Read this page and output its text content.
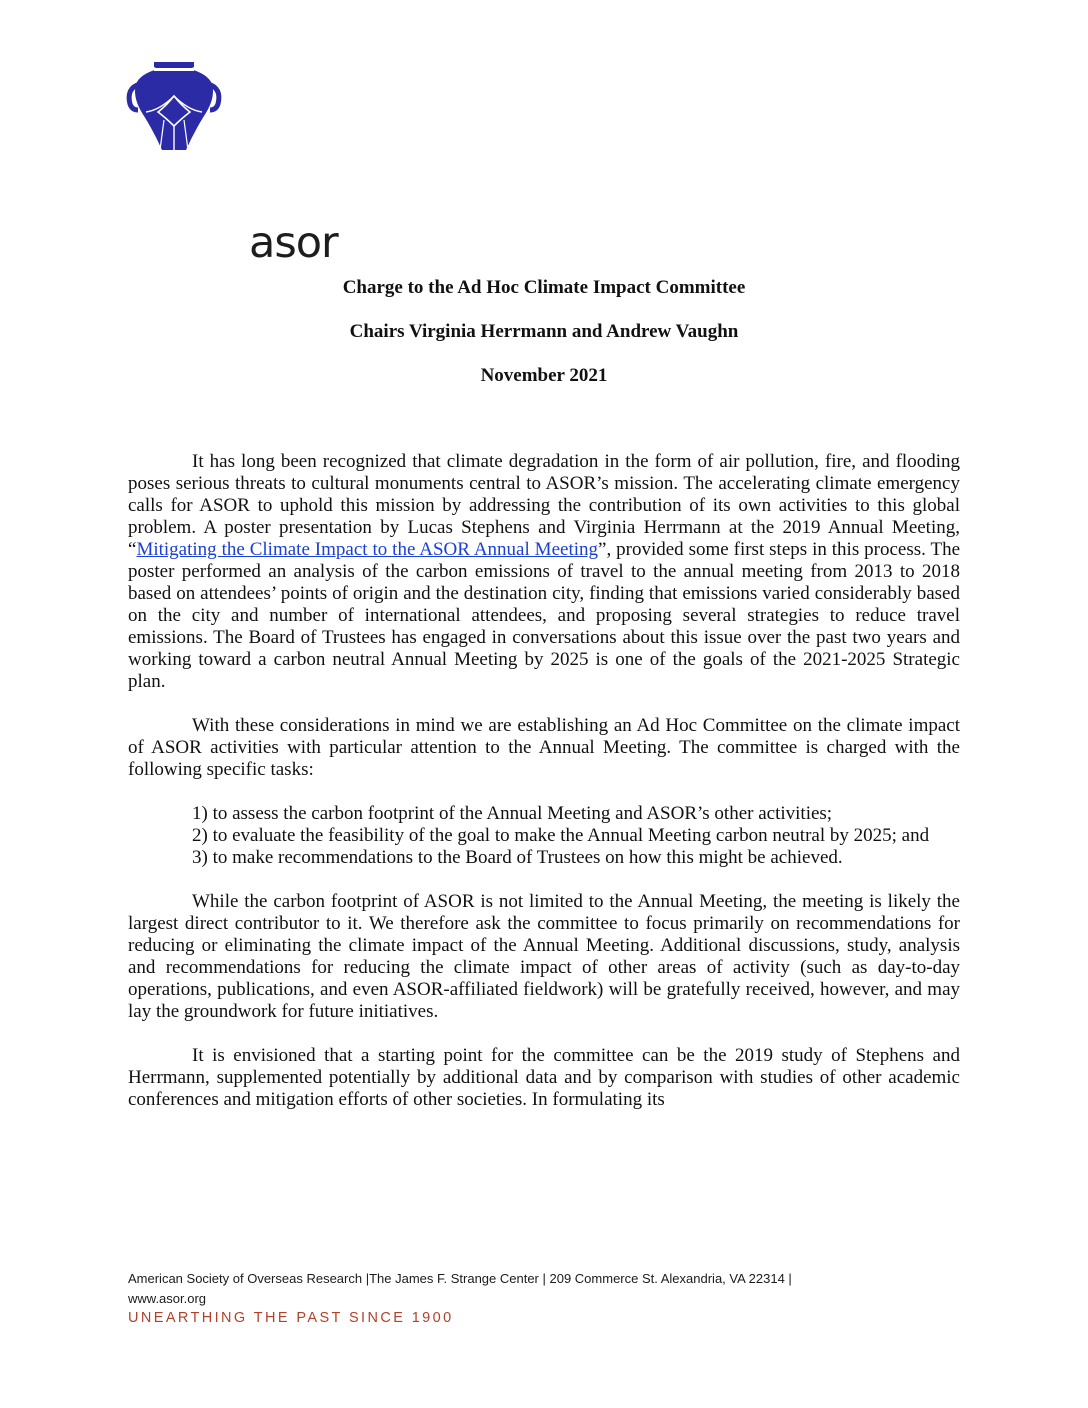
asor
Charge to the Ad Hoc Climate Impact Committee
Chairs Virginia Herrmann and Andrew Vaughn
November 2021

It has long been recognized that climate degradation in the form of air pollution, fire, and flooding poses serious threats to cultural monuments central to ASOR’s mission. The accelerating climate emergency calls for ASOR to uphold this mission by addressing the contribution of its own activities to this global problem. A poster presentation by Lucas Stephens and Virginia Herrmann at the 2019 Annual Meeting, “Mitigating the Climate Impact to the ASOR Annual Meeting”, provided some first steps in this process. The poster performed an analysis of the carbon emissions of travel to the annual meeting from 2013 to 2018 based on attendees’ points of origin and the destination city, finding that emissions varied considerably based on the city and number of international attendees, and proposing several strategies to reduce travel emissions. The Board of Trustees has engaged in conversations about this issue over the past two years and working toward a carbon neutral Annual Meeting by 2025 is one of the goals of the 2021-2025 Strategic plan.

With these considerations in mind we are establishing an Ad Hoc Committee on the climate impact of ASOR activities with particular attention to the Annual Meeting. The committee is charged with the following specific tasks:

1) to assess the carbon footprint of the Annual Meeting and ASOR’s other activities;
2) to evaluate the feasibility of the goal to make the Annual Meeting carbon neutral by 2025; and
3) to make recommendations to the Board of Trustees on how this might be achieved.

While the carbon footprint of ASOR is not limited to the Annual Meeting, the meeting is likely the largest direct contributor to it. We therefore ask the committee to focus primarily on recommendations for reducing or eliminating the climate impact of the Annual Meeting. Additional discussions, study, analysis and recommendations for reducing the climate impact of other areas of activity (such as day-to-day operations, publications, and even ASOR-affiliated fieldwork) will be gratefully received, however, and may lay the groundwork for future initiatives.

It is envisioned that a starting point for the committee can be the 2019 study of Stephens and Herrmann, supplemented potentially by additional data and by comparison with studies of other academic conferences and mitigation efforts of other societies. In formulating its

American Society of Overseas Research |The James F. Strange Center | 209 Commerce St. Alexandria, VA 22314 |
www.asor.org
UNEARTHING THE PAST SINCE 1900
